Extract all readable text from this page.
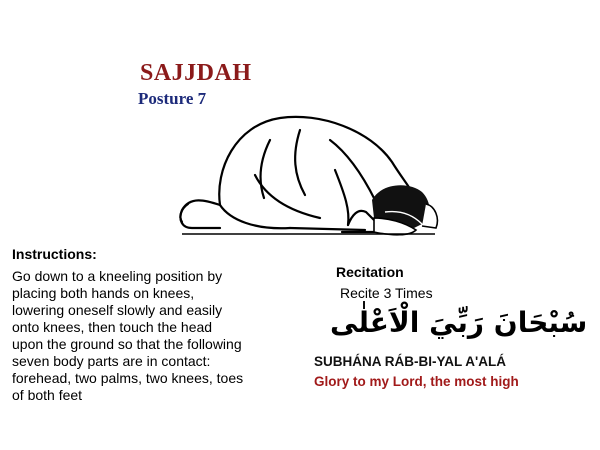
SAJJDAH
Posture 7
Instructions:
Go down to a kneeling position by
placing both hands on knees,
lowering oneself slowly and easily
onto knees, then touch the head
upon the ground so that the following
seven body parts are in contact:
forehead, two palms, two knees, toes
of both feet
Recitation
Recite 3 Times
سُبْحَانَ رَبِّيَ الْاَعْلٰى
SUBHÁNA RÁB-BI-YAL A'ALÁ
Glory to my Lord, the most high
